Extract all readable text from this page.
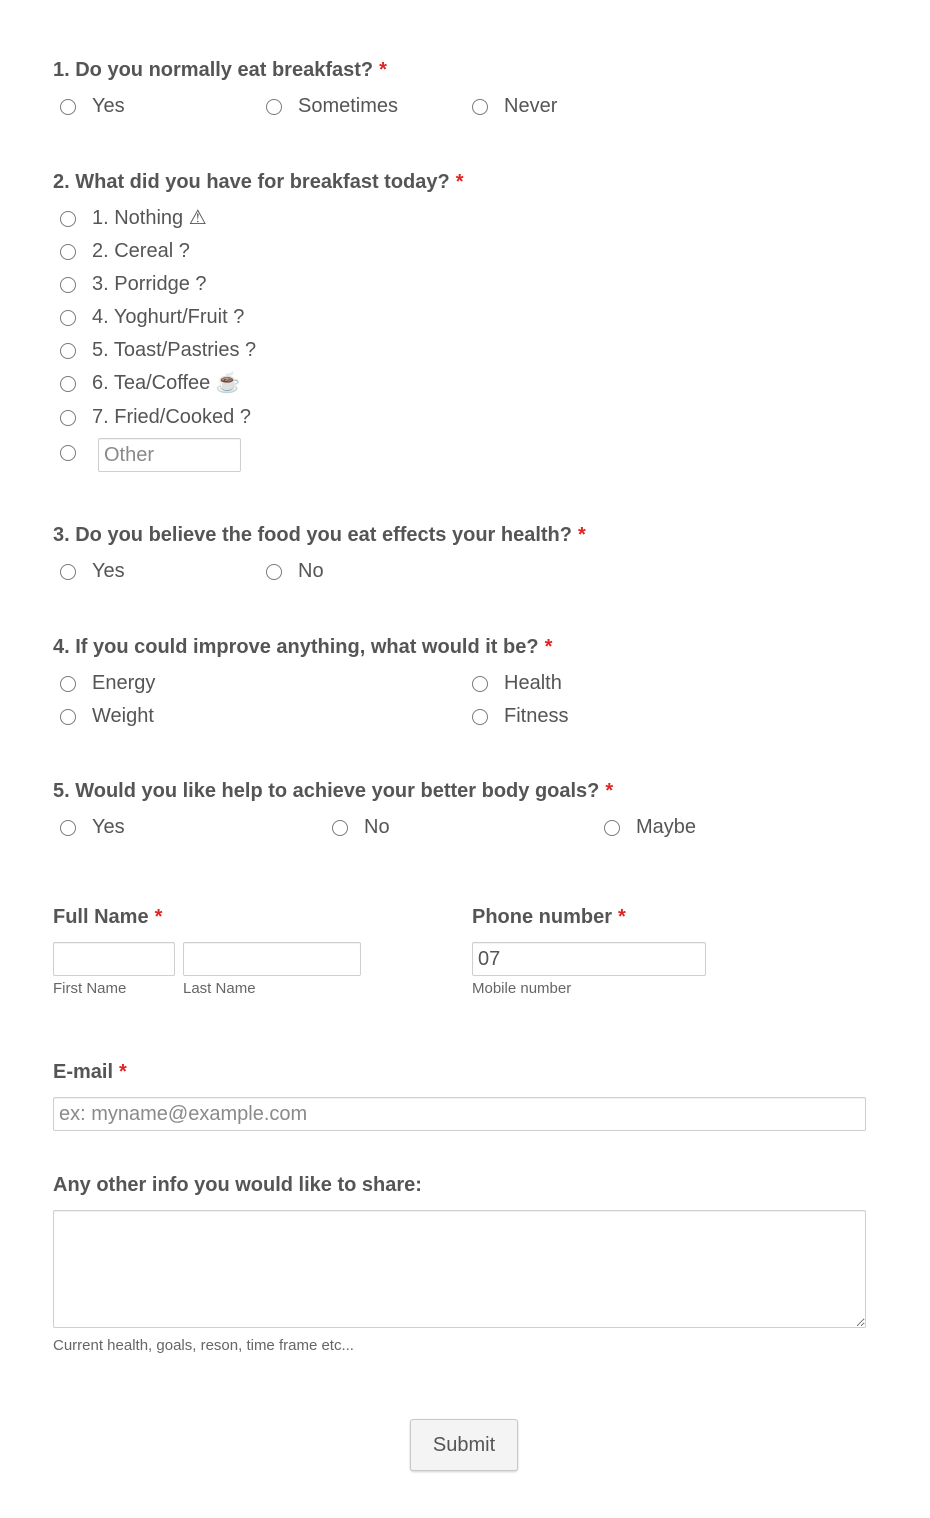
1. Do you normally eat breakfast? *
Yes	Sometimes	Never
2. What did you have for breakfast today? *
1. Nothing ⚠
2. Cereal ?
3. Porridge ?
4. Yoghurt/Fruit ?
5. Toast/Pastries ?
6. Tea/Coffee ☕
7. Fried/Cooked ?
Other
3. Do you believe the food you eat effects your health? *
Yes	No
4. If you could improve anything, what would it be? *
Energy	Health
Weight	Fitness
5. Would you like help to achieve your better body goals? *
Yes	No	Maybe
Full Name *
First Name	Last Name
Phone number *
07
Mobile number
E-mail *
ex: myname@example.com
Any other info you would like to share:
Current health, goals, reson, time frame etc...
Submit
